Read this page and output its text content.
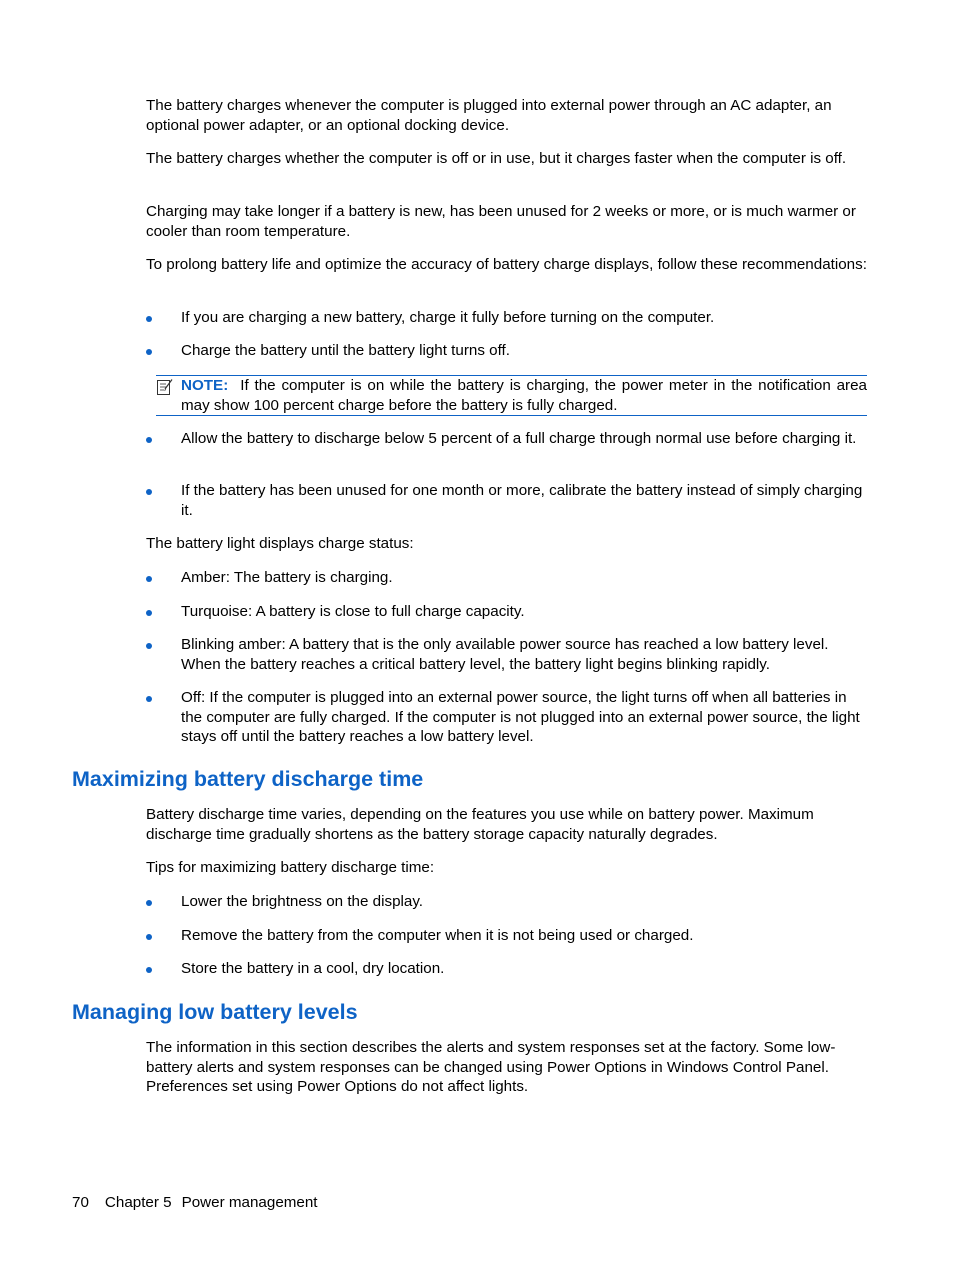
The battery charges whenever the computer is plugged into external power through an AC adapter, an optional power adapter, or an optional docking device.

The battery charges whether the computer is off or in use, but it charges faster when the computer is off.

Charging may take longer if a battery is new, has been unused for 2 weeks or more, or is much warmer or cooler than room temperature.

To prolong battery life and optimize the accuracy of battery charge displays, follow these recommendations:

If you are charging a new battery, charge it fully before turning on the computer.
Charge the battery until the battery light turns off.
NOTE: If the computer is on while the battery is charging, the power meter in the notification area may show 100 percent charge before the battery is fully charged.
Allow the battery to discharge below 5 percent of a full charge through normal use before charging it.
If the battery has been unused for one month or more, calibrate the battery instead of simply charging it.

The battery light displays charge status:

Amber: The battery is charging.
Turquoise: A battery is close to full charge capacity.
Blinking amber: A battery that is the only available power source has reached a low battery level. When the battery reaches a critical battery level, the battery light begins blinking rapidly.
Off: If the computer is plugged into an external power source, the light turns off when all batteries in the computer are fully charged. If the computer is not plugged into an external power source, the light stays off until the battery reaches a low battery level.
Maximizing battery discharge time

Battery discharge time varies, depending on the features you use while on battery power. Maximum discharge time gradually shortens as the battery storage capacity naturally degrades.

Tips for maximizing battery discharge time:

Lower the brightness on the display.
Remove the battery from the computer when it is not being used or charged.
Store the battery in a cool, dry location.
Managing low battery levels

The information in this section describes the alerts and system responses set at the factory. Some low-battery alerts and system responses can be changed using Power Options in Windows Control Panel. Preferences set using Power Options do not affect lights.

70 Chapter 5 Power management
